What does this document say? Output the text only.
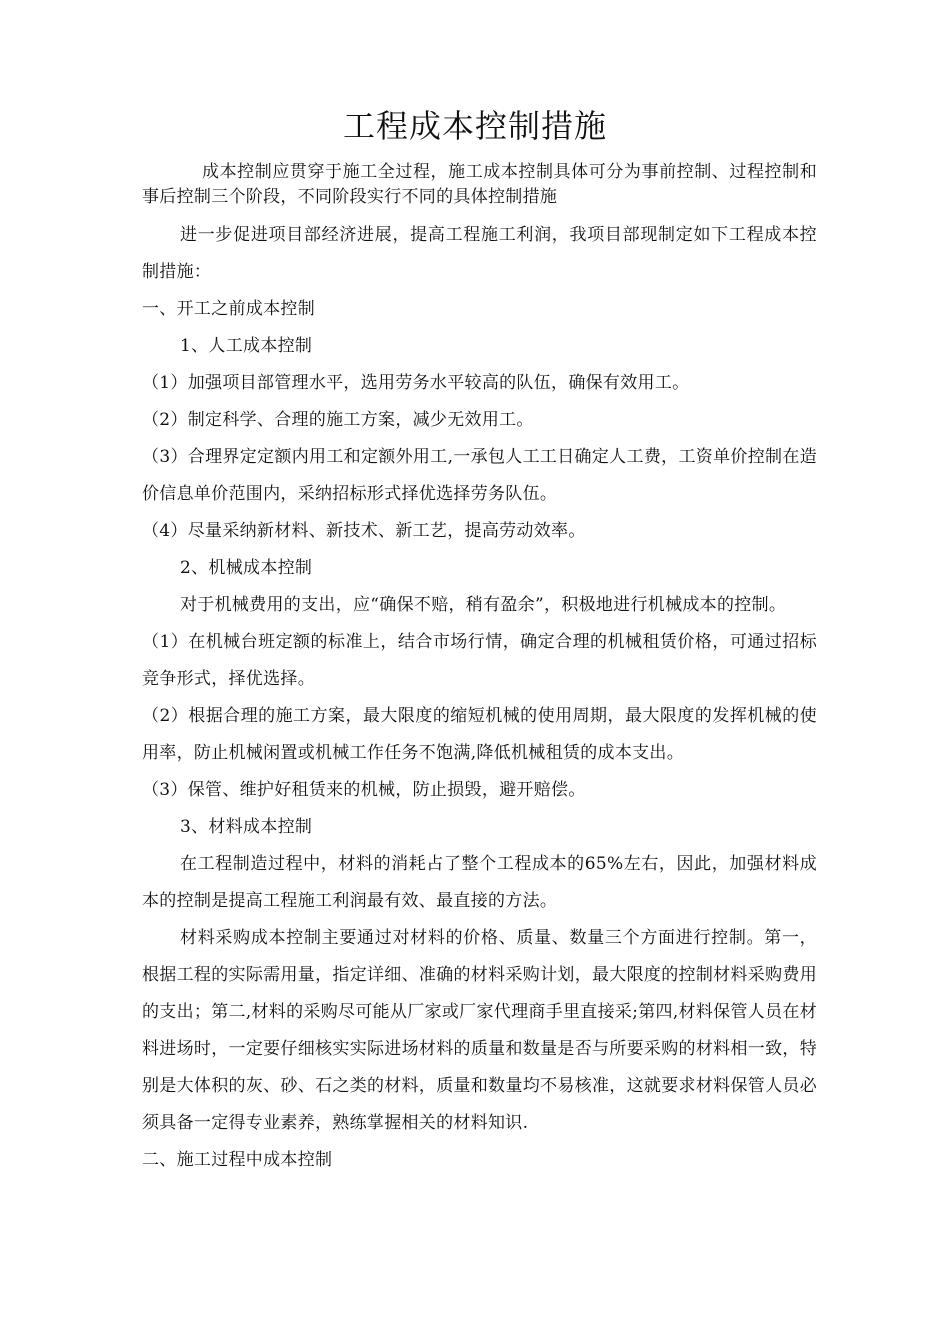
工程成本控制措施

成本控制应贯穿于施工全过程，施工成本控制具体可分为事前控制、过程控制和事后控制三个阶段，不同阶段实行不同的具体控制措施

进一步促进项目部经济进展，提高工程施工利润，我项目部现制定如下工程成本控制措施：

一、开工之前成本控制

1、人工成本控制

（1）加强项目部管理水平，选用劳务水平较高的队伍，确保有效用工。

（2）制定科学、合理的施工方案，减少无效用工。

（3）合理界定定额内用工和定额外用工,一承包人工工日确定人工费，工资单价控制在造价信息单价范围内，采纳招标形式择优选择劳务队伍。

（4）尽量采纳新材料、新技术、新工艺，提高劳动效率。

2、机械成本控制

对于机械费用的支出，应“确保不赔，稍有盈余”，积极地进行机械成本的控制。

（1）在机械台班定额的标准上，结合市场行情，确定合理的机械租赁价格，可通过招标竞争形式，择优选择。

（2）根据合理的施工方案，最大限度的缩短机械的使用周期，最大限度的发挥机械的使用率，防止机械闲置或机械工作任务不饱满,降低机械租赁的成本支出。

（3）保管、维护好租赁来的机械，防止损毁，避开赔偿。

3、材料成本控制

在工程制造过程中，材料的消耗占了整个工程成本的65%左右，因此，加强材料成本的控制是提高工程施工利润最有效、最直接的方法。

材料采购成本控制主要通过对材料的价格、质量、数量三个方面进行控制。第一，根据工程的实际需用量，指定详细、准确的材料采购计划，最大限度的控制材料采购费用的支出；第二,材料的采购尽可能从厂家或厂家代理商手里直接采;第四,材料保管人员在材料进场时，一定要仔细核实实际进场材料的质量和数量是否与所要采购的材料相一致，特别是大体积的灰、砂、石之类的材料，质量和数量均不易核准，这就要求材料保管人员必须具备一定得专业素养，熟练掌握相关的材料知识.

二、施工过程中成本控制
